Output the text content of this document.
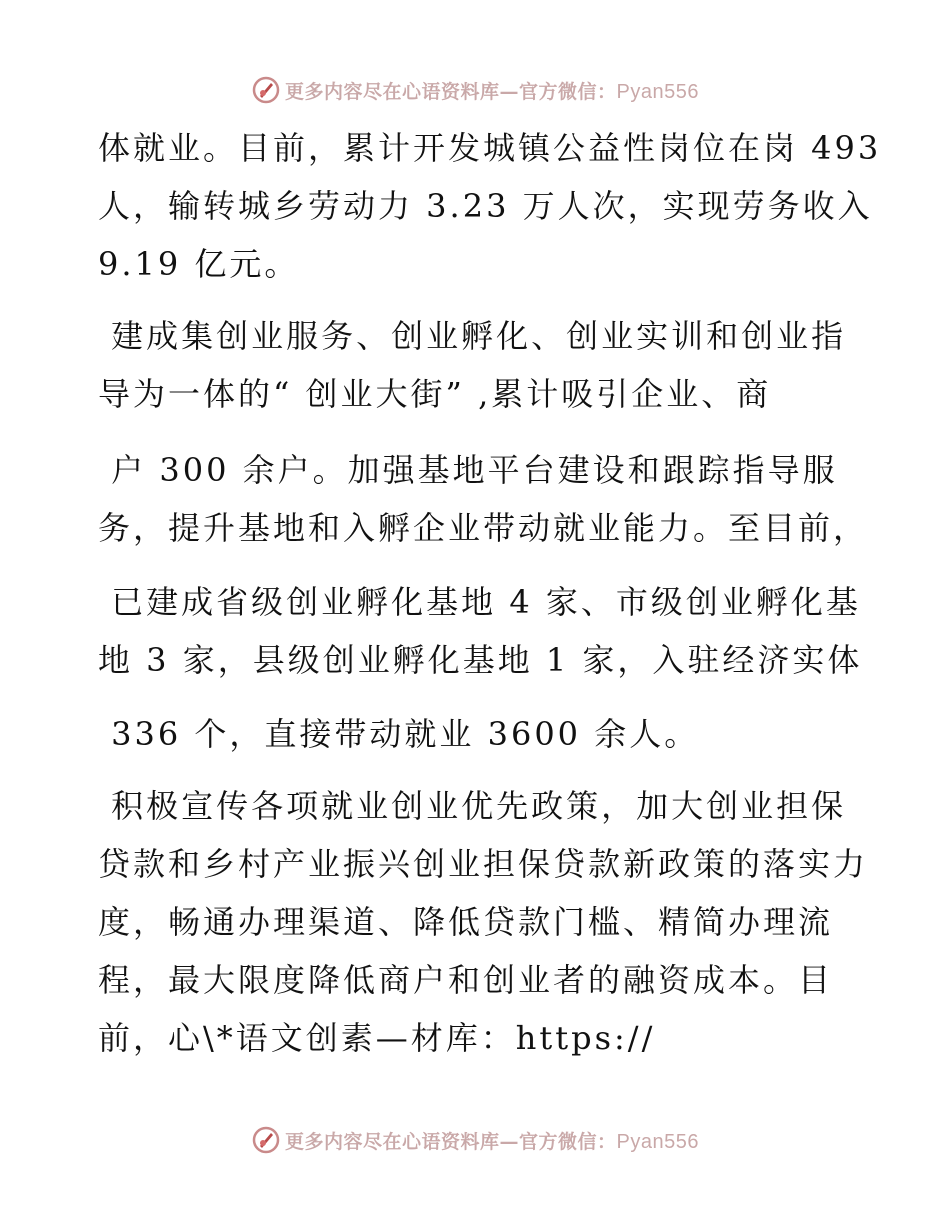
更多内容尽在心语资料库—官方微信：Pyan556

体就业。目前，累计开发城镇公益性岗位在岗 493

人，输转城乡劳动力 3.23 万人次，实现劳务收入

9.19 亿元。

建成集创业服务、创业孵化、创业实训和创业指

导为一体的“ 创业大街” ,累计吸引企业、商

户 300 余户。加强基地平台建设和跟踪指导服

务，提升基地和入孵企业带动就业能力。至目前，

已建成省级创业孵化基地 4 家、市级创业孵化基

地 3 家，县级创业孵化基地 1 家，入驻经济实体

336 个，直接带动就业 3600 余人。

积极宣传各项就业创业优先政策，加大创业担保

贷款和乡村产业振兴创业担保贷款新政策的落实力

度，畅通办理渠道、降低贷款门槛、精简办理流

程，最大限度降低商户和创业者的融资成本。目

前，心\*语文创素—材库：https://

更多内容尽在心语资料库—官方微信：Pyan556
